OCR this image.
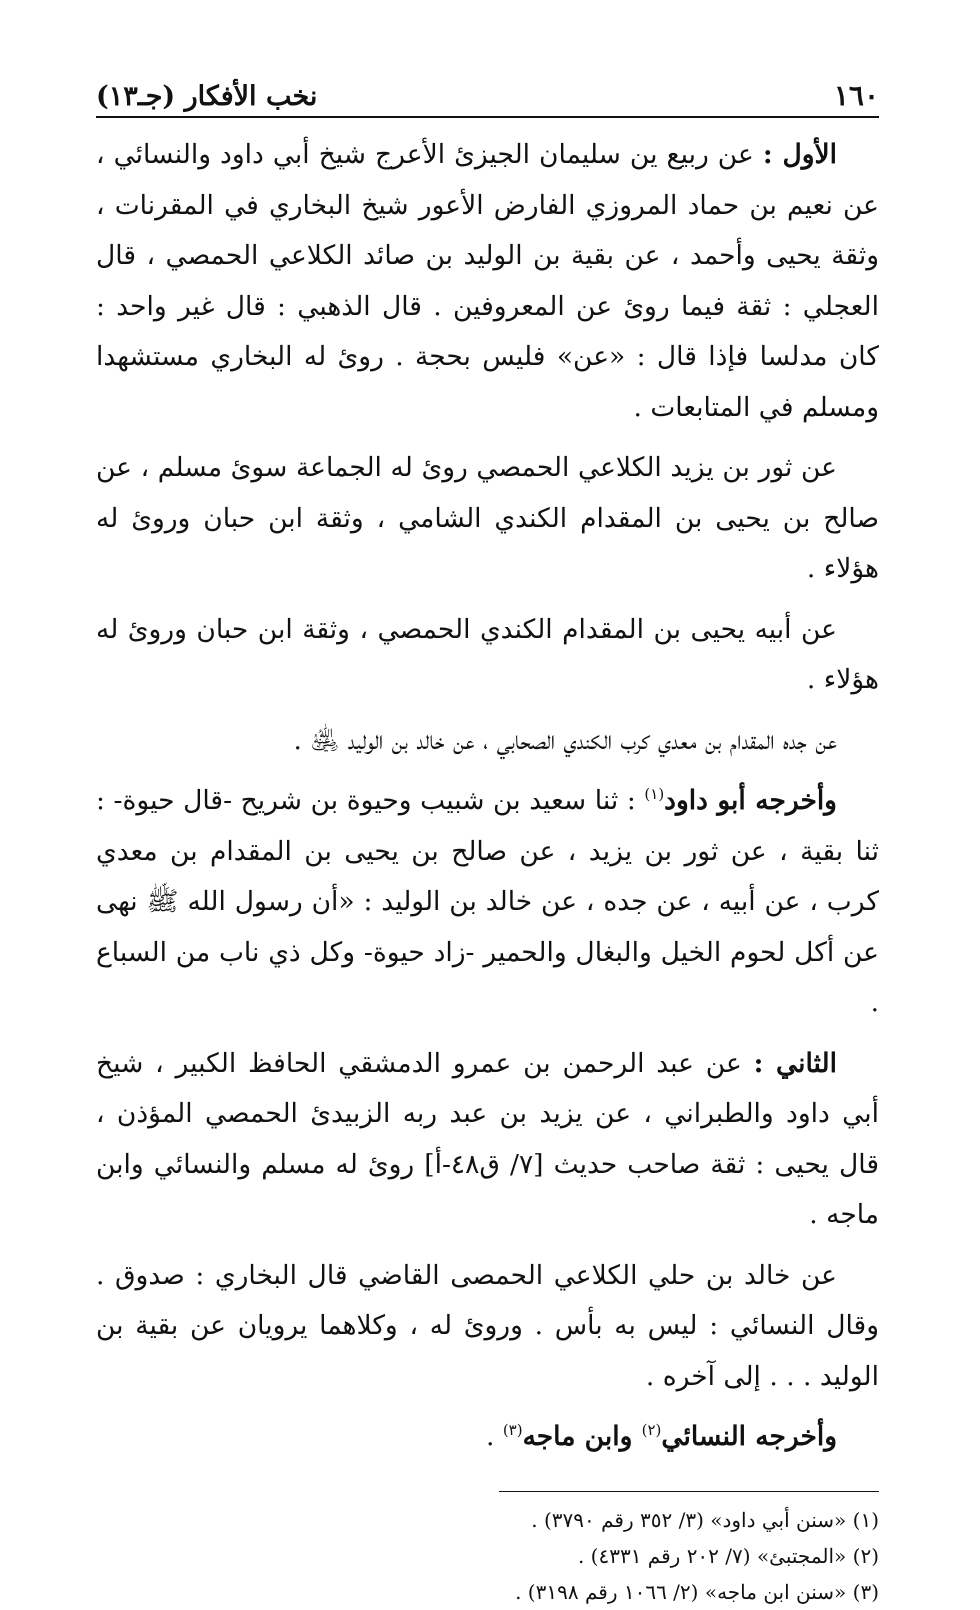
١٦٠
نخب الأفكار (جـ١٣)

الأول : عن ربيع ين سليمان الجيزئ الأعرج شيخ أبي داود والنسائي ، عن نعيم بن حماد المروزي الفارض الأعور شيخ البخاري في المقرنات ، وثقة يحيى وأحمد ، عن بقية بن الوليد بن صائد الكلاعي الحمصي ، قال العجلي : ثقة فيما روئ عن المعروفين . قال الذهبي : قال غير واحد : كان مدلسا فإذا قال : «عن» فليس بحجة . روئ له البخاري مستشهدا ومسلم في المتابعات .

عن ثور بن يزيد الكلاعي الحمصي روئ له الجماعة سوئ مسلم ، عن صالح بن يحيى بن المقدام الكندي الشامي ، وثقة ابن حبان وروئ له هؤلاء .

عن أبيه يحيى بن المقدام الكندي الحمصي ، وثقة ابن حبان وروئ له هؤلاء .

عن جده المقدام بن معدي كرب الكندي الصحابي ، عن خالد بن الوليد ﵁ .

وأخرجه أبو داود$^{(١)}$ : ثنا سعيد بن شبيب وحيوة بن شريح -قال حيوة- : ثنا بقية ، عن ثور بن يزيد ، عن صالح بن يحيى بن المقدام بن معدي كرب ، عن أبيه ، عن جده ، عن خالد بن الوليد : «أن رسول الله ﷺ نهى عن أكل لحوم الخيل والبغال والحمير -زاد حيوة- وكل ذي ناب من السباع .

الثاني : عن عبد الرحمن بن عمرو الدمشقي الحافظ الكبير ، شيخ أبي داود والطبراني ، عن يزيد بن عبد ربه الزبيدئ الحمصي المؤذن ، قال يحيى : ثقة صاحب حديث [٧/ ق٤٨-أ] روئ له مسلم والنسائي وابن ماجه .

عن خالد بن حلي الكلاعي الحمصى القاضي قال البخاري : صدوق . وقال النسائي : ليس به بأس . وروئ له ، وكلاهما يرويان عن بقية بن الوليد . . . إلى آخره .

وأخرجه النسائي$^{(٢)}$ وابن ماجه$^{(٣)}$ .

(١) «سنن أبي داود» (٣/ ٣٥٢ رقم ٣٧٩٠) .
(٢) «المجتبئ» (٧/ ٢٠٢ رقم ٤٣٣١) .
(٣) «سنن ابن ماجه» (٢/ ١٠٦٦ رقم ٣١٩٨) .
